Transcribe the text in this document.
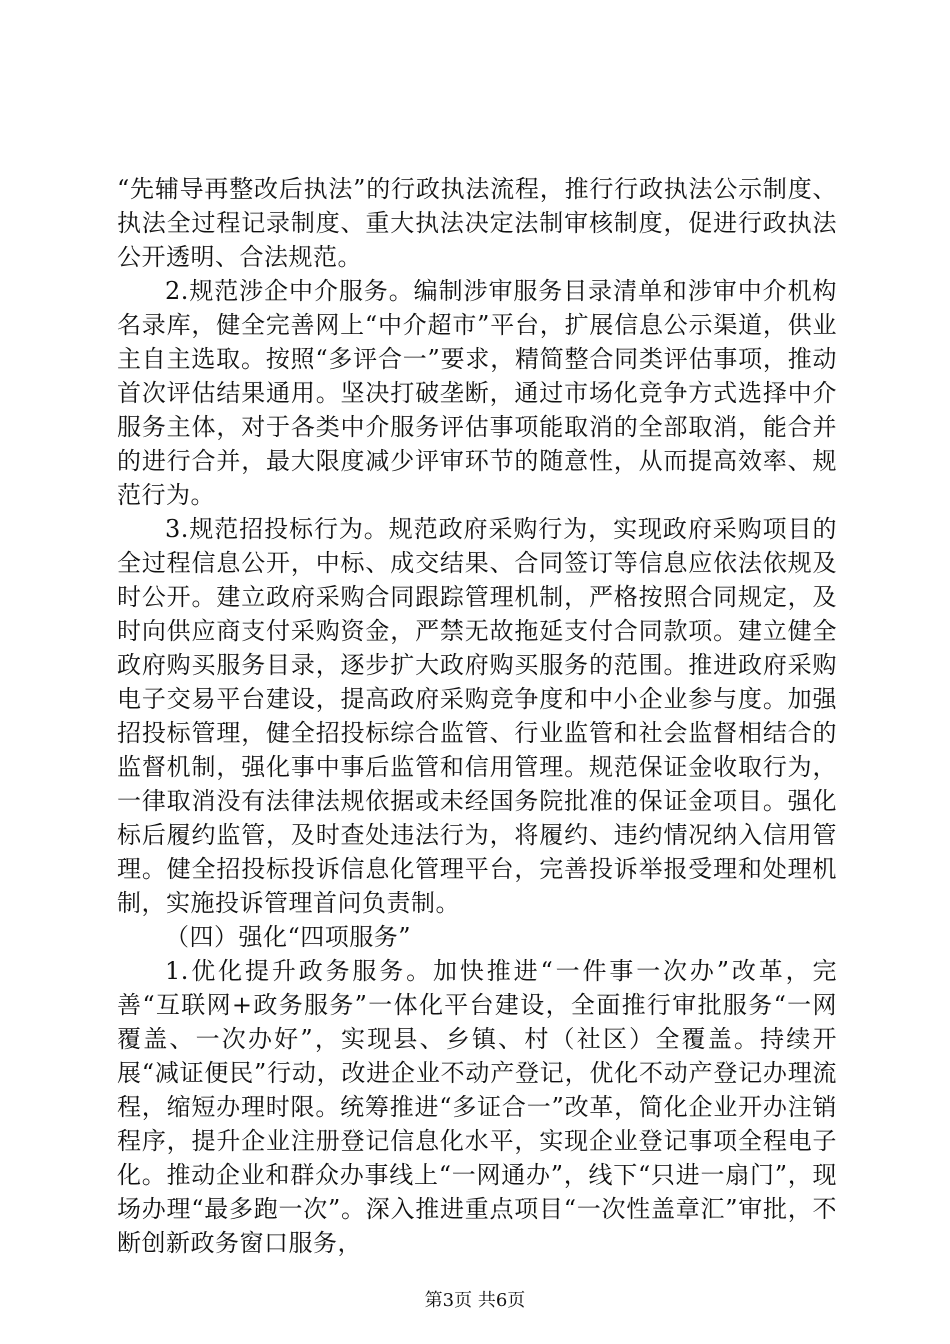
“先辅导再整改后执法”的行政执法流程，推行行政执法公示制度、执法全过程记录制度、重大执法决定法制审核制度，促进行政执法公开透明、合法规范。

2.规范涉企中介服务。编制涉审服务目录清单和涉审中介机构名录库，健全完善网上“中介超市”平台，扩展信息公示渠道，供业主自主选取。按照“多评合一”要求，精简整合同类评估事项，推动首次评估结果通用。坚决打破垄断，通过市场化竞争方式选择中介服务主体，对于各类中介服务评估事项能取消的全部取消，能合并的进行合并，最大限度减少评审环节的随意性，从而提高效率、规范行为。

3.规范招投标行为。规范政府采购行为，实现政府采购项目的全过程信息公开，中标、成交结果、合同签订等信息应依法依规及时公开。建立政府采购合同跟踪管理机制，严格按照合同规定，及时向供应商支付采购资金，严禁无故拖延支付合同款项。建立健全政府购买服务目录，逐步扩大政府购买服务的范围。推进政府采购电子交易平台建设，提高政府采购竞争度和中小企业参与度。加强招投标管理，健全招投标综合监管、行业监管和社会监督相结合的监督机制，强化事中事后监管和信用管理。规范保证金收取行为，一律取消没有法律法规依据或未经国务院批准的保证金项目。强化标后履约监管，及时查处违法行为，将履约、违约情况纳入信用管理。健全招投标投诉信息化管理平台，完善投诉举报受理和处理机制，实施投诉管理首问负责制。

（四）强化“四项服务”

1.优化提升政务服务。加快推进“一件事一次办”改革，完善“互联网+政务服务”一体化平台建设，全面推行审批服务“一网覆盖、一次办好”，实现县、乡镇、村（社区）全覆盖。持续开展“减证便民”行动，改进企业不动产登记，优化不动产登记办理流程，缩短办理时限。统筹推进“多证合一”改革，简化企业开办注销程序，提升企业注册登记信息化水平，实现企业登记事项全程电子化。推动企业和群众办事线上“一网通办”，线下“只进一扇门”，现场办理“最多跑一次”。深入推进重点项目“一次性盖章汇”审批，不断创新政务窗口服务，

第3页 共6页
